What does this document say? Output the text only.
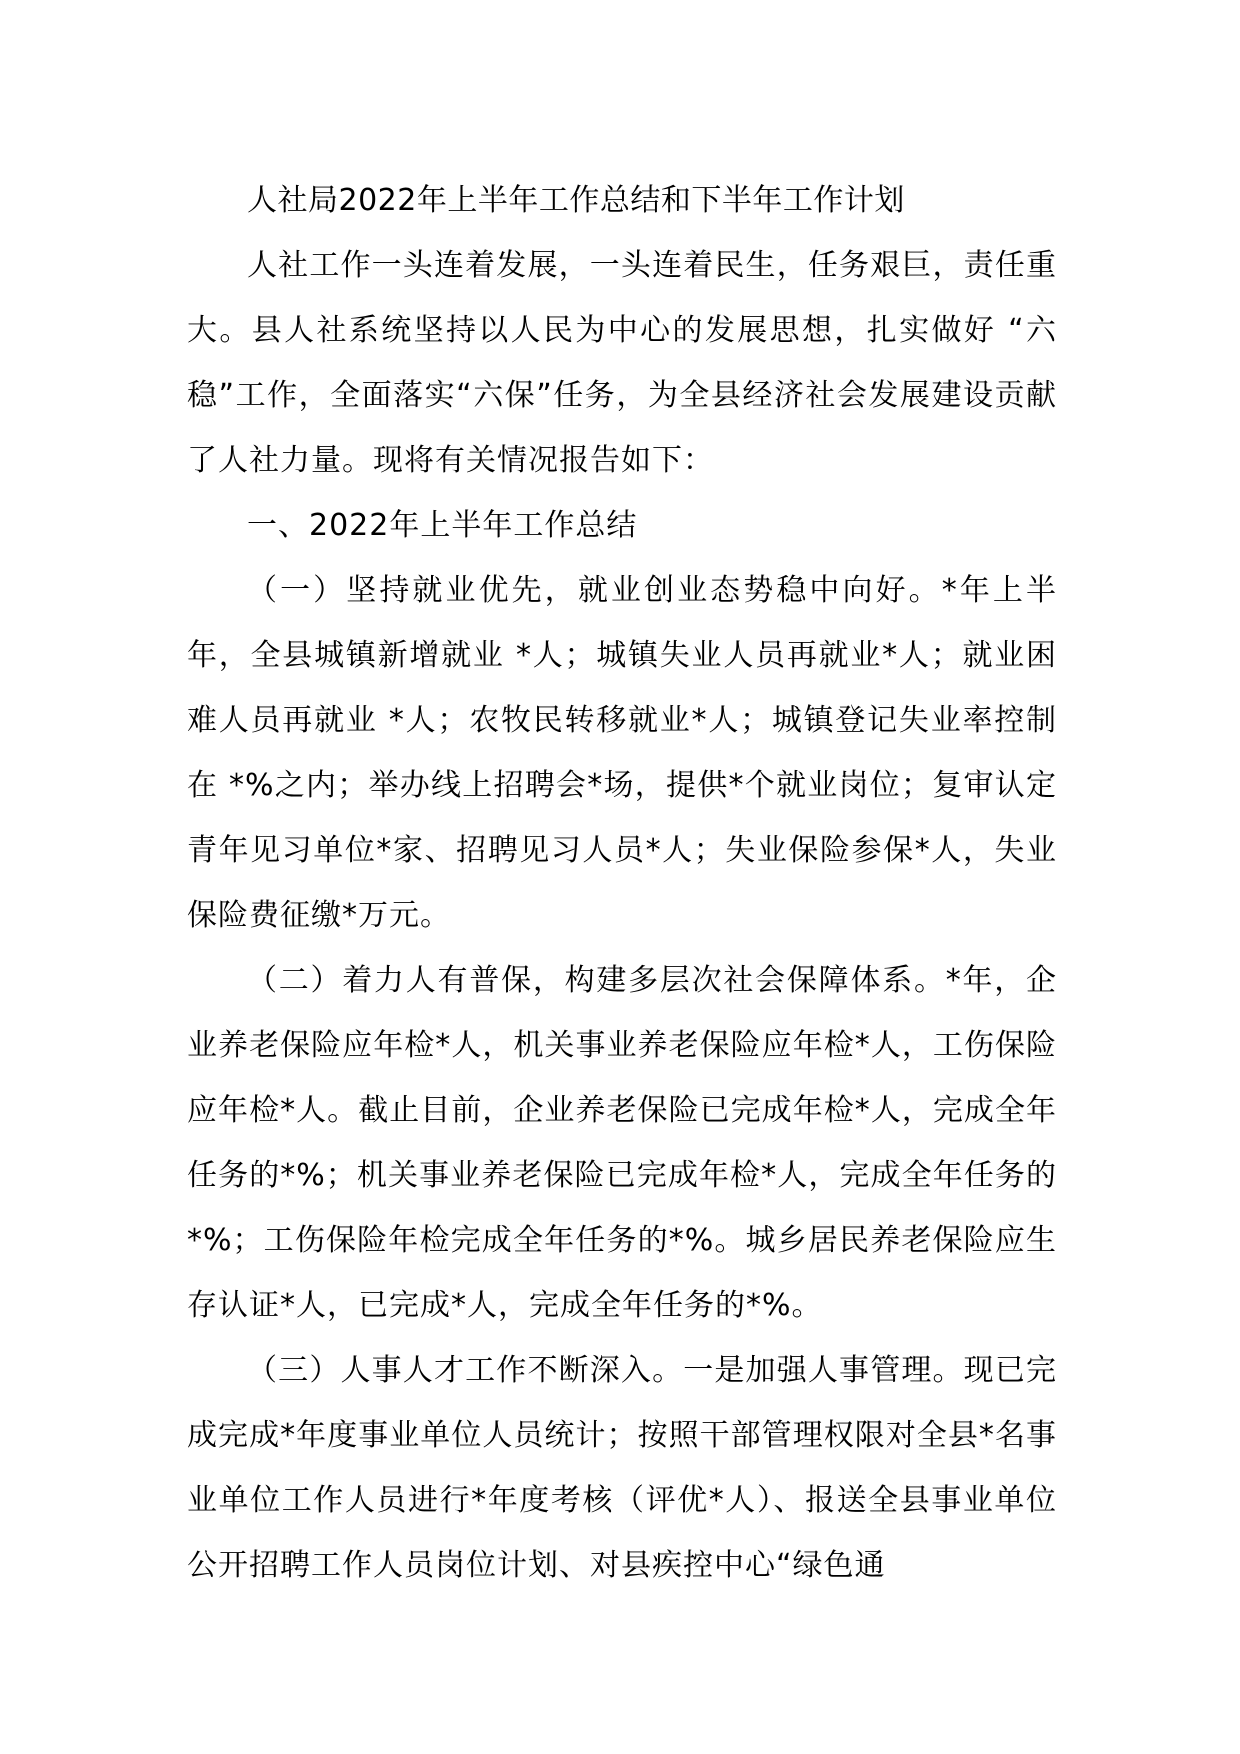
人社局2022年上半年工作总结和下半年工作计划

人社工作一头连着发展，一头连着民生，任务艰巨，责任重大。县人社系统坚持以人民为中心的发展思想，扎实做好 “六稳”工作，全面落实“六保”任务，为全县经济社会发展建设贡献了人社力量。现将有关情况报告如下：

一、2022年上半年工作总结

（一）坚持就业优先，就业创业态势稳中向好。*年上半年，全县城镇新增就业 *人；城镇失业人员再就业*人；就业困难人员再就业 *人；农牧民转移就业*人；城镇登记失业率控制在 *%之内；举办线上招聘会*场，提供*个就业岗位；复审认定青年见习单位*家、招聘见习人员*人；失业保险参保*人，失业保险费征缴*万元。

（二）着力人有普保，构建多层次社会保障体系。*年，企业养老保险应年检*人，机关事业养老保险应年检*人，工伤保险应年检*人。截止目前，企业养老保险已完成年检*人，完成全年任务的*%；机关事业养老保险已完成年检*人，完成全年任务的*%；工伤保险年检完成全年任务的*%。城乡居民养老保险应生存认证*人，已完成*人，完成全年任务的*%。

（三）人事人才工作不断深入。一是加强人事管理。现已完成完成*年度事业单位人员统计；按照干部管理权限对全县*名事业单位工作人员进行*年度考核（评优*人）、报送全县事业单位公开招聘工作人员岗位计划、对县疾控中心“绿色通
